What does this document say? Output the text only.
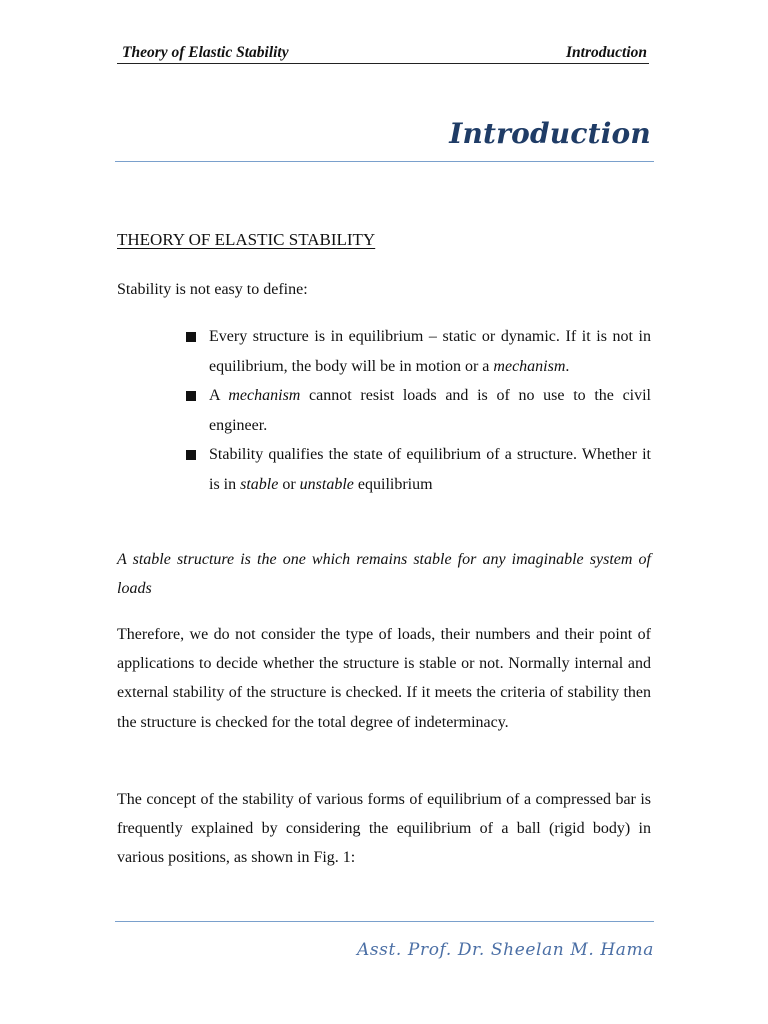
Theory of Elastic Stability	Introduction
Introduction
THEORY OF ELASTIC STABILITY
Stability is not easy to define:
Every structure is in equilibrium – static or dynamic. If it is not in equilibrium, the body will be in motion or a mechanism.
A mechanism cannot resist loads and is of no use to the civil engineer.
Stability qualifies the state of equilibrium of a structure. Whether it is in stable or unstable equilibrium

A stable structure is the one which remains stable for any imaginable system of loads

Therefore, we do not consider the type of loads, their numbers and their point of applications to decide whether the structure is stable or not. Normally internal and external stability of the structure is checked. If it meets the criteria of stability then the structure is checked for the total degree of indeterminacy.

The concept of the stability of various forms of equilibrium of a compressed bar is frequently explained by considering the equilibrium of a ball (rigid body) in various positions, as shown in Fig. 1:

Asst. Prof. Dr. Sheelan M. Hama
